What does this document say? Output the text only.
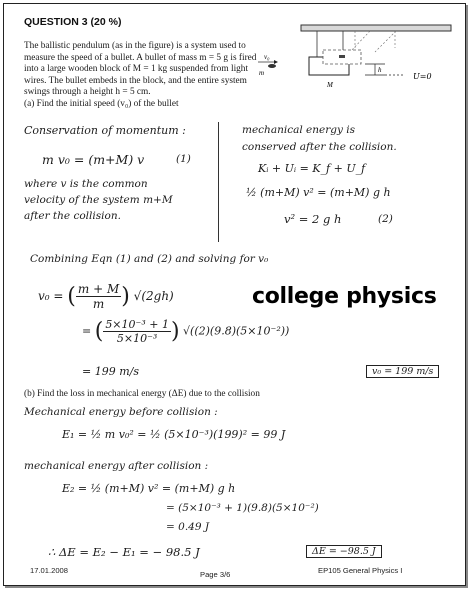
QUESTION 3 (20 %)
The ballistic pendulum (as in the figure) is a system used to measure the speed of a bullet. A bullet of mass m = 5 g is fired into a large wooden block of M = 1 kg suspended from light wires. The bullet embeds in the block, and the entire system swings through a height h = 5 cm.
v₀
m
M
h
U=0
(a) Find the initial speed (v₀) of the bullet
Conservation of momentum :
m v₀ = (m+M) v	(1)
where v is the common
velocity of the system m+M
after the collision.
mechanical energy is
conserved after the collision.
Kᵢ + Uᵢ = K_f + U_f
½ (m+M) v² = (m+M) g h
v² = 2 g h	(2)
Combining Eqn (1) and (2) and solving for v₀
v₀ = ( $\frac{m + M}{m}$ ) √(2gh)	college physics
= ( $\frac{\text{5×10⁻³ + 1}}{\text{5×10⁻³}}$ ) √((2)(9.8)(5×10⁻²))
= 199 m/s	v₀ = 199 m/s
(b) Find the loss in mechanical energy (ΔE) due to the collision
Mechanical energy before collision :
E₁ = ½ m v₀² = ½ (5×10⁻³)(199)² = 99 J
mechanical energy after collision :
E₂ = ½ (m+M) v² = (m+M) g h
= (5×10⁻³ + 1)(9.8)(5×10⁻²)
= 0.49 J
∴ ΔE = E₂ − E₁ = − 98.5 J	ΔE = −98.5 J
17.01.2008	Page 3/6	EP105 General Physics I
